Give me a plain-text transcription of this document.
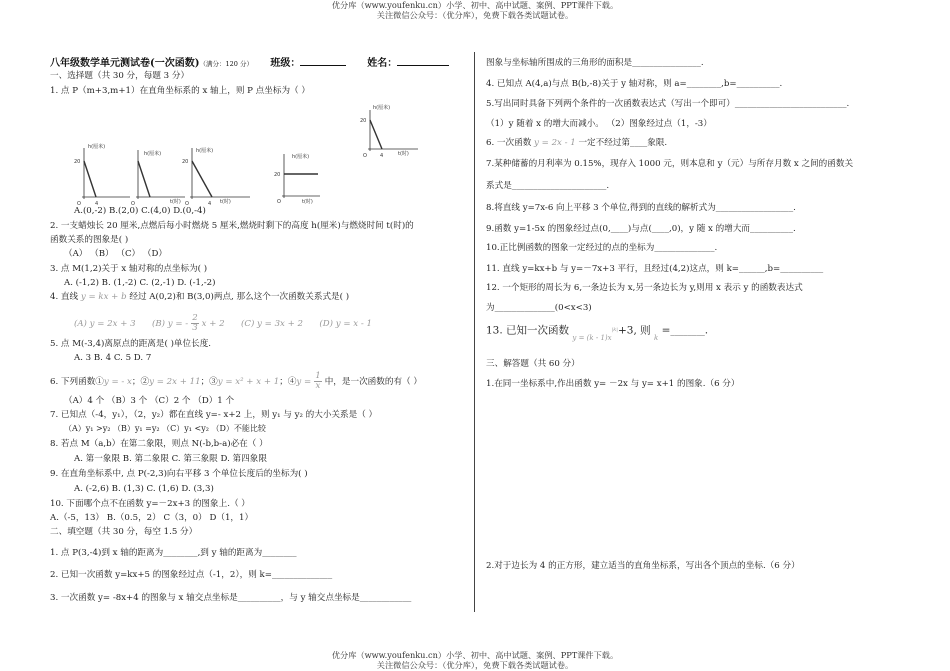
优分库（www.youfenku.cn）小学、初中、高中试题、案例、PPT课件下载。
关注微信公众号：（优分库），免费下载各类试题试卷。
八年级数学单元测试卷(一次函数)（满分：120 分） 班级：	姓名：
一、选择题（共 30 分，每题 3 分）
1. 点 P（m+3,m+1）在直角坐标系的 x 轴上，则 P 点坐标为（ ）
h(厘米)
20
O	4
h(厘米)
t(时)
O
h(厘米)
20
t(时)
O	4
h(厘米)
20
t(时)
O
h(厘米)
20
t(时)
O	4
A.(0,-2) B.(2,0) C.(4,0) D.(0,-4)
2. 一支蜡烛长 20 厘米,点燃后每小时燃烧 5 厘米,燃烧时剩下的高度 h(厘米)与燃烧时间 t(时)的
函数关系的图象是( )
（A） （B） （C） （D）
3. 点 M(1,2)关于 x 轴对称的点坐标为( )
A. (-1,2) B. (1,-2) C. (2,-1) D. (-1,-2)
4. 直线 y = kx + b 经过 A(0,2)和 B(3,0)两点, 那么这个一次函数关系式是( )
(A) y = 2x + 3 (B) y = - $\frac{2}{3}$ x + 2 (C) y = 3x + 2 (D) y = x - 1
5. 点 M(-3,4)离原点的距离是( )单位长度.
A. 3 B. 4 C. 5 D. 7
6. 下列函数①y = - x；②y = 2x + 11；③y = x² + x + 1；④y = $\frac{1}{x}$ 中，是一次函数的有（ ）
（A）4 个 （B）3 个 （C）2 个 （D）1 个
7. 已知点（-4，y₁），（2，y₂）都在直线 y=- x+2 上，则 y₁ 与 y₂ 的大小关系是（ ）
（A）y₁ >y₂ （B）y₁ =y₂ （C）y₁ <y₂ （D）不能比较
8. 若点 M（a,b）在第二象限，则点 N(-b,b-a)必在（ ）
A. 第一象限 B. 第二象限 C. 第三象限 D. 第四象限
9. 在直角坐标系中, 点 P(-2,3)向右平移 3 个单位长度后的坐标为( )
A. (-2,6) B. (1,3) C. (1,6) D. (3,3)
10. 下面哪个点不在函数 y=－2x+3 的图象上.（ ）
A.（-5，13） B.（0.5，2） C（3，0） D（1，1）
二、填空题（共 30 分，每空 1.5 分）
1. 点 P(3,-4)到 x 轴的距离为________,到 y 轴的距离为________
2. 已知一次函数 y=kx+5 的图象经过点（-1，2），则 k=______________
3. 一次函数 y= -8x+4 的图象与 x 轴交点坐标是__________，与 y 轴交点坐标是____________
图象与坐标轴所围成的三角形的面积是________________.
4. 已知点 A(4,a)与点 B(b,-8)关于 y 轴对称，则 a=________,b=__________.
5.写出同时具备下列两个条件的一次函数表达式（写出一个即可）__________________________.
（1）y 随着 x 的增大而减小。 （2）图象经过点（1，-3）
6. 一次函数 y = 2x - 1 一定不经过第____象限.
7.某种储蓄的月利率为 0.15%，现存入 1000 元，则本息和 y（元）与所存月数 x 之间的函数关
系式是______________________.
8.将直线 y=7x-6 向上平移 3 个单位,得到的直线的解析式为__________________.
9.函数 y=1-5x 的图象经过点(0,____)与点(____,0)，y 随 x 的增大而__________.
10.正比例函数的图象一定经过的点的坐标为______________.
11. 直线 y=kx+b 与 y=－7x+3 平行，且经过(4,2)这点，则 k=______,b=__________
12. 一个矩形的周长为 6,一条边长为 x,另一条边长为 y,则用 x 表示 y 的函数表达式
为______________(0<x<3)
13. 已知一次函数 $_{y = (k - 1)x}^{|k|}$+3, 则 $_k$ =________.
三、解答题（共 60 分）
1.在同一坐标系中,作出函数 y= －2x 与 y= x+1 的图象.（6 分）
2.对于边长为 4 的正方形，建立适当的直角坐标系，写出各个顶点的坐标.（6 分）
优分库（www.youfenku.cn）小学、初中、高中试题、案例、PPT课件下载。
关注微信公众号：（优分库），免费下载各类试题试卷。
